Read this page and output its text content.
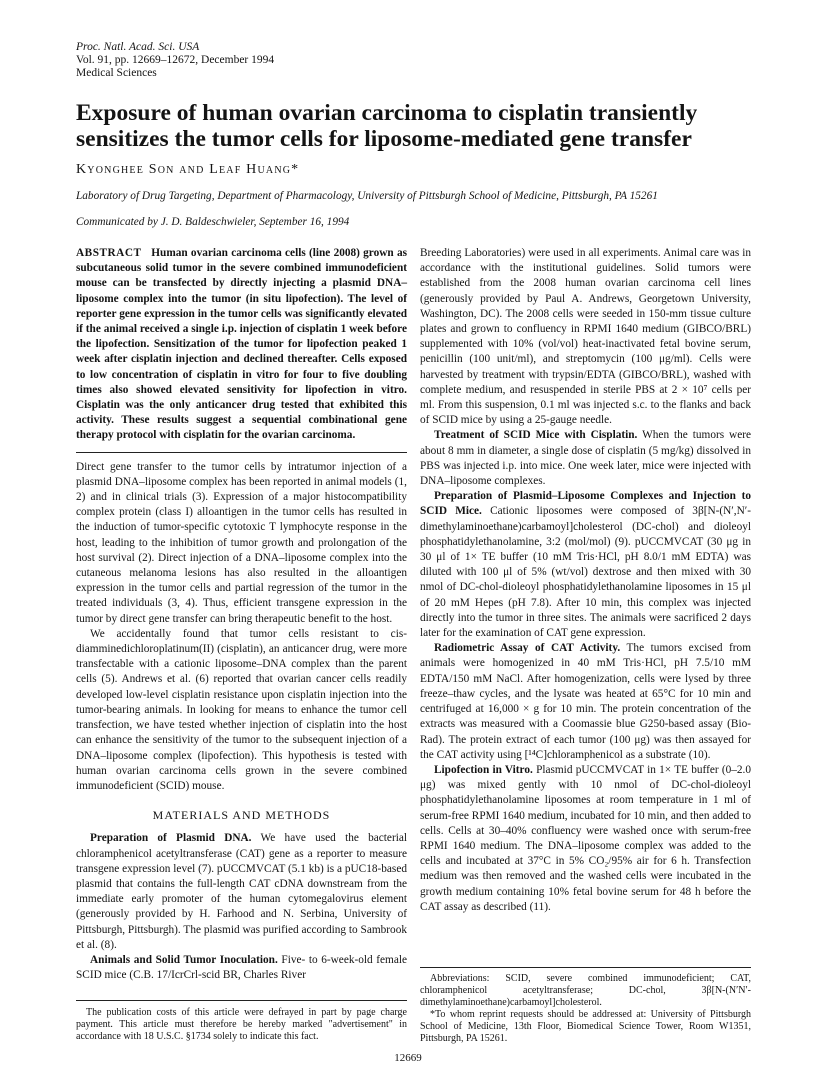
Proc. Natl. Acad. Sci. USA
Vol. 91, pp. 12669–12672, December 1994
Medical Sciences
Exposure of human ovarian carcinoma to cisplatin transiently sensitizes the tumor cells for liposome-mediated gene transfer
Kyonghee Son and Leaf Huang*
Laboratory of Drug Targeting, Department of Pharmacology, University of Pittsburgh School of Medicine, Pittsburgh, PA 15261
Communicated by J. D. Baldeschwieler, September 16, 1994

ABSTRACT Human ovarian carcinoma cells (line 2008) grown as subcutaneous solid tumor in the severe combined immunodeficient mouse can be transfected by directly injecting a plasmid DNA–liposome complex into the tumor (in situ lipofection). The level of reporter gene expression in the tumor cells was significantly elevated if the animal received a single i.p. injection of cisplatin 1 week before the lipofection. Sensitization of the tumor for lipofection peaked 1 week after cisplatin injection and declined thereafter. Cells exposed to low concentration of cisplatin in vitro for four to five doubling times also showed elevated sensitivity for lipofection in vitro. Cisplatin was the only anticancer drug tested that exhibited this activity. These results suggest a sequential combinational gene therapy protocol with cisplatin for the ovarian carcinoma.

Direct gene transfer to the tumor cells by intratumor injection of a plasmid DNA–liposome complex has been reported in animal models (1, 2) and in clinical trials (3). Expression of a major histocompatibility complex protein (class I) alloantigen in the tumor cells has resulted in the induction of tumor-specific cytotoxic T lymphocyte response in the host, leading to the inhibition of tumor growth and prolongation of the host survival (2). Direct injection of a DNA–liposome complex into the cutaneous melanoma lesions has also resulted in the alloantigen expression in the tumor cells and partial regression of the tumor in the treated individuals (3, 4). Thus, efficient transgene expression in the tumor by direct gene transfer can bring therapeutic benefit to the host.

We accidentally found that tumor cells resistant to cis-diamminedichloroplatinum(II) (cisplatin), an anticancer drug, were more transfectable with a cationic liposome–DNA complex than the parent cells (5). Andrews et al. (6) reported that ovarian cancer cells readily developed low-level cisplatin resistance upon cisplatin injection into the tumor-bearing animals. In looking for means to enhance the tumor cell transfection, we have tested whether injection of cisplatin into the host can enhance the sensitivity of the tumor to the subsequent injection of a DNA–liposome complex (lipofection). This hypothesis is tested with human ovarian carcinoma cells grown in the severe combined immunodeficient (SCID) mouse.

MATERIALS AND METHODS

Preparation of Plasmid DNA. We have used the bacterial chloramphenicol acetyltransferase (CAT) gene as a reporter to measure transgene expression level (7). pUCCMVCAT (5.1 kb) is a pUC18-based plasmid that contains the full-length CAT cDNA downstream from the immediate early promoter of the human cytomegalovirus element (generously provided by H. Farhood and N. Serbina, University of Pittsburgh, Pittsburgh). The plasmid was purified according to Sambrook et al. (8).

Animals and Solid Tumor Inoculation. Five- to 6-week-old female SCID mice (C.B. 17/IcrCrl-scid BR, Charles River

Breeding Laboratories) were used in all experiments. Animal care was in accordance with the institutional guidelines. Solid tumors were established from the 2008 human ovarian carcinoma cell lines (generously provided by Paul A. Andrews, Georgetown University, Washington, DC). The 2008 cells were seeded in 150-mm tissue culture plates and grown to confluency in RPMI 1640 medium (GIBCO/BRL) supplemented with 10% (vol/vol) heat-inactivated fetal bovine serum, penicillin (100 unit/ml), and streptomycin (100 μg/ml). Cells were harvested by treatment with trypsin/EDTA (GIBCO/BRL), washed with complete medium, and resuspended in sterile PBS at 2 × 10⁷ cells per ml. From this suspension, 0.1 ml was injected s.c. to the flanks and back of SCID mice by using a 25-gauge needle.

Treatment of SCID Mice with Cisplatin. When the tumors were about 8 mm in diameter, a single dose of cisplatin (5 mg/kg) dissolved in PBS was injected i.p. into mice. One week later, mice were injected with DNA–liposome complexes.

Preparation of Plasmid–Liposome Complexes and Injection to SCID Mice. Cationic liposomes were composed of 3β[N-(N′,N′-dimethylaminoethane)carbamoyl]cholesterol (DC-chol) and dioleoyl phosphatidylethanolamine, 3:2 (mol/mol) (9). pUCCMVCAT (30 μg in 30 μl of 1× TE buffer (10 mM Tris·HCl, pH 8.0/1 mM EDTA) was diluted with 100 μl of 5% (wt/vol) dextrose and then mixed with 30 nmol of DC-chol-dioleoyl phosphatidylethanolamine liposomes in 15 μl of 20 mM Hepes (pH 7.8). After 10 min, this complex was injected directly into the tumor in three sites. The animals were sacrificed 2 days later for the examination of CAT gene expression.

Radiometric Assay of CAT Activity. The tumors excised from animals were homogenized in 40 mM Tris·HCl, pH 7.5/10 mM EDTA/150 mM NaCl. After homogenization, cells were lysed by three freeze–thaw cycles, and the lysate was heated at 65°C for 10 min and centrifuged at 16,000 × g for 10 min. The protein concentration of the extracts was measured with a Coomassie blue G250-based assay (Bio-Rad). The protein extract of each tumor (100 μg) was then assayed for the CAT activity using [¹⁴C]chloramphenicol as a substrate (10).

Lipofection in Vitro. Plasmid pUCCMVCAT in 1× TE buffer (0–2.0 μg) was mixed gently with 10 nmol of DC-chol-dioleoyl phosphatidylethanolamine liposomes at room temperature in 1 ml of serum-free RPMI 1640 medium, incubated for 10 min, and then added to cells. Cells at 30–40% confluency were washed once with serum-free RPMI 1640 medium. The DNA–liposome complex was added to the cells and incubated at 37°C in 5% CO₂/95% air for 6 h. Transfection medium was then removed and the washed cells were incubated in the growth medium containing 10% fetal bovine serum for 48 h before the CAT assay as described (11).

The publication costs of this article were defrayed in part by page charge payment. This article must therefore be hereby marked "advertisement" in accordance with 18 U.S.C. §1734 solely to indicate this fact.

Abbreviations: SCID, severe combined immunodeficient; CAT, chloramphenicol acetyltransferase; DC-chol, 3β[N-(N′N′-dimethylaminoethane)carbamoyl]cholesterol.

*To whom reprint requests should be addressed at: University of Pittsburgh School of Medicine, 13th Floor, Biomedical Science Tower, Room W1351, Pittsburgh, PA 15261.

12669
